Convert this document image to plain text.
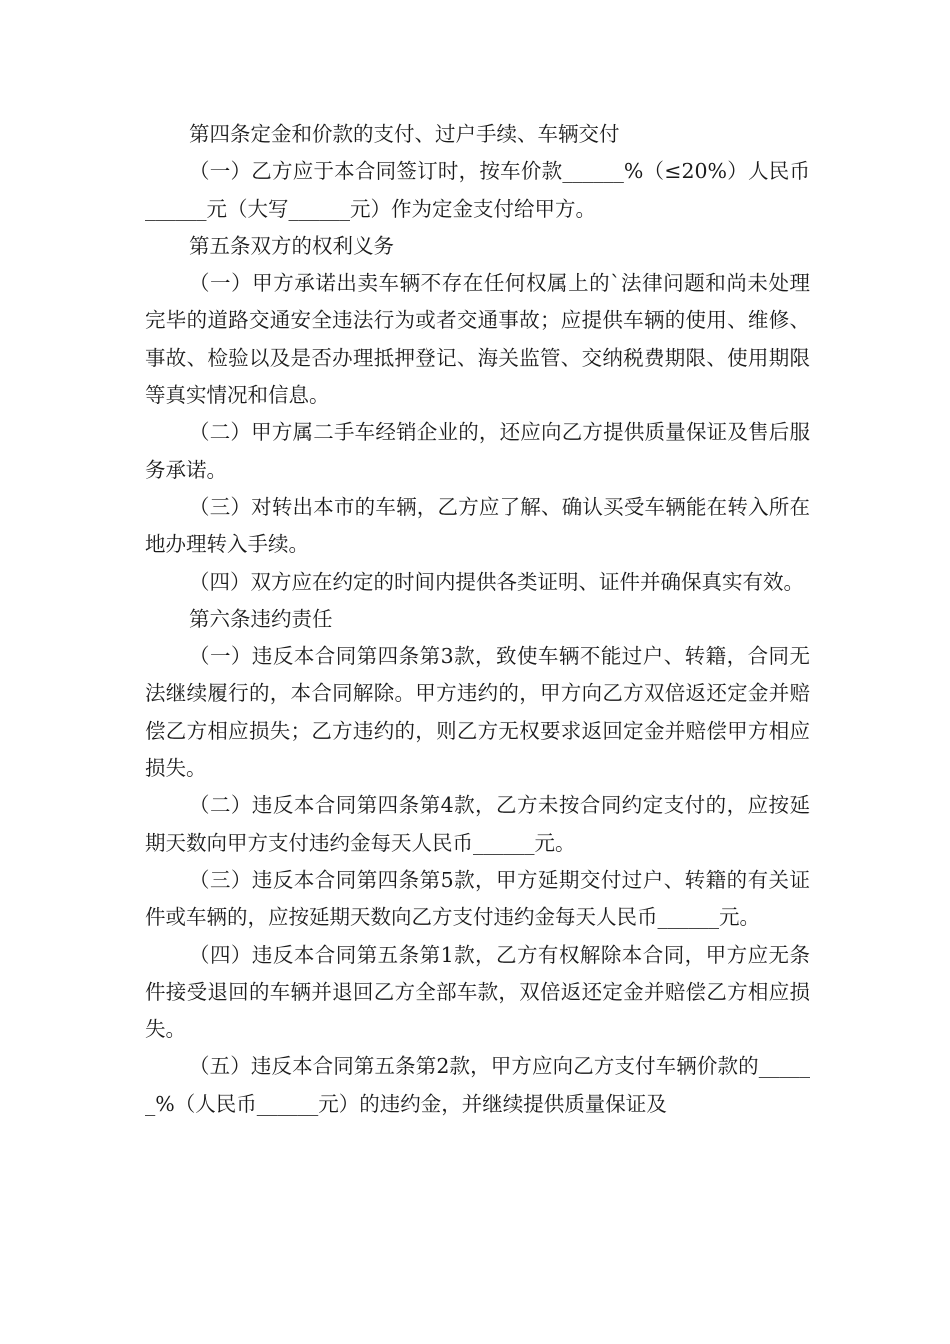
第四条定金和价款的支付、过户手续、车辆交付

（一）乙方应于本合同签订时，按车价款______%（≤20%）人民币______元（大写______元）作为定金支付给甲方。

第五条双方的权利义务

（一）甲方承诺出卖车辆不存在任何权属上的`法律问题和尚未处理完毕的道路交通安全违法行为或者交通事故；应提供车辆的使用、维修、事故、检验以及是否办理抵押登记、海关监管、交纳税费期限、使用期限等真实情况和信息。

（二）甲方属二手车经销企业的，还应向乙方提供质量保证及售后服务承诺。

（三）对转出本市的车辆，乙方应了解、确认买受车辆能在转入所在地办理转入手续。

（四）双方应在约定的时间内提供各类证明、证件并确保真实有效。

第六条违约责任

（一）违反本合同第四条第3款，致使车辆不能过户、转籍，合同无法继续履行的，本合同解除。甲方违约的，甲方向乙方双倍返还定金并赔偿乙方相应损失；乙方违约的，则乙方无权要求返回定金并赔偿甲方相应损失。

（二）违反本合同第四条第4款，乙方未按合同约定支付的，应按延期天数向甲方支付违约金每天人民币______元。

（三）违反本合同第四条第5款，甲方延期交付过户、转籍的有关证件或车辆的，应按延期天数向乙方支付违约金每天人民币______元。

（四）违反本合同第五条第1款，乙方有权解除本合同，甲方应无条件接受退回的车辆并退回乙方全部车款，双倍返还定金并赔偿乙方相应损失。

（五）违反本合同第五条第2款，甲方应向乙方支付车辆价款的______%（人民币______元）的违约金，并继续提供质量保证及
